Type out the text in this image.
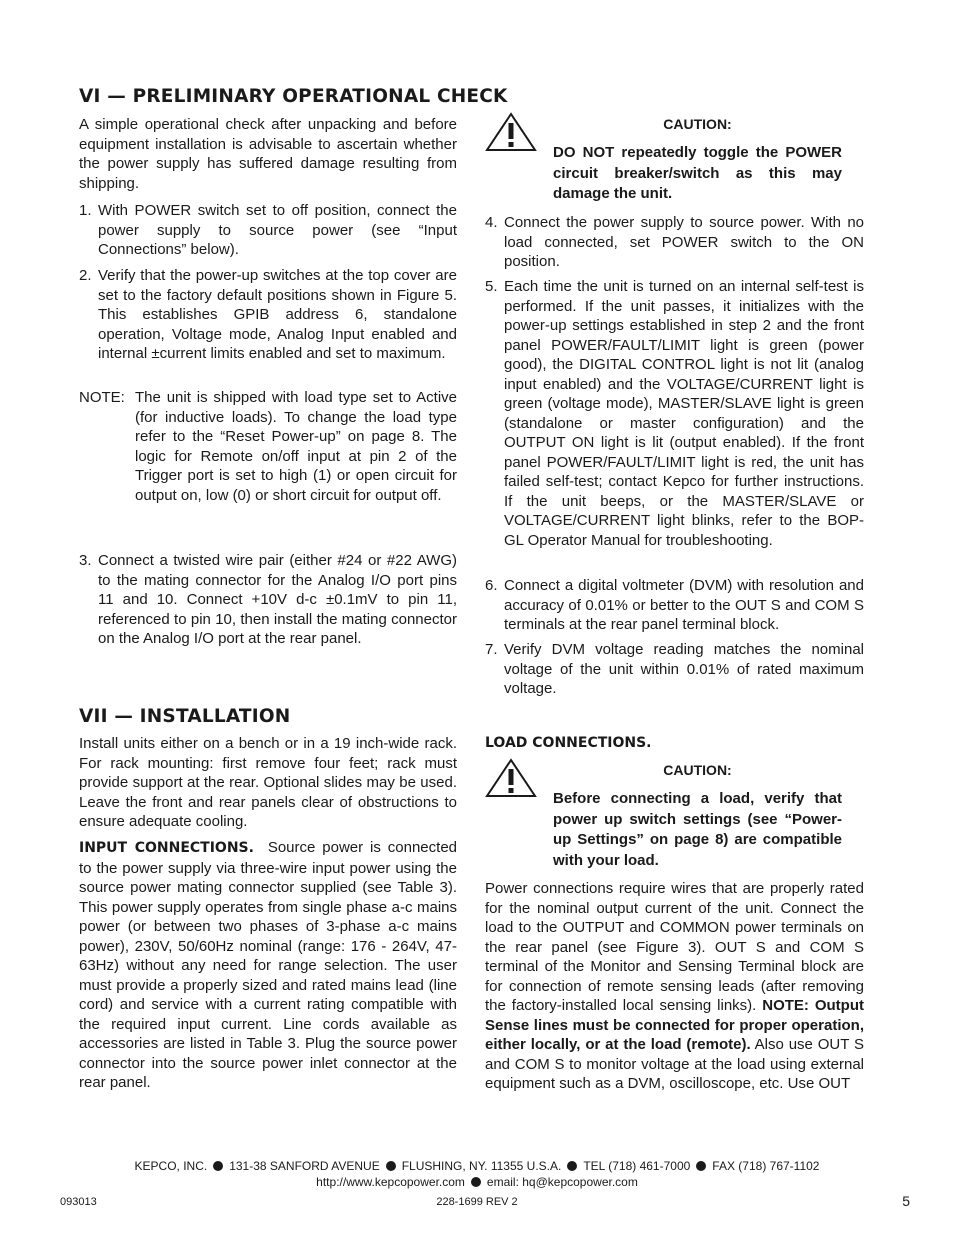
VI — PRELIMINARY OPERATIONAL CHECK

A simple operational check after unpacking and before equipment installation is advisable to ascertain whether the power supply has suffered damage resulting from shipping.

1. With POWER switch set to off position, connect the power supply to source power (see “Input Connections” below).
2. Verify that the power-up switches at the top cover are set to the factory default positions shown in Figure 5. This establishes GPIB address 6, standalone operation, Voltage mode, Analog Input enabled and internal ±current limits enabled and set to maximum.
NOTE: The unit is shipped with load type set to Active (for inductive loads). To change the load type refer to the “Reset Power-up” on page 8. The logic for Remote on/off input at pin 2 of the Trigger port is set to high (1) or open circuit for output on, low (0) or short circuit for output off.
3. Connect a twisted wire pair (either #24 or #22 AWG) to the mating connector for the Analog I/O port pins 11 and 10. Connect +10V d-c ±0.1mV to pin 11, referenced to pin 10, then install the mating connector on the Analog I/O port at the rear panel.
VII — INSTALLATION

Install units either on a bench or in a 19 inch-wide rack. For rack mounting: first remove four feet; rack must provide support at the rear. Optional slides may be used. Leave the front and rear panels clear of obstructions to ensure adequate cooling.

INPUT CONNECTIONS. Source power is connected to the power supply via three-wire input power using the source power mating connector supplied (see Table 3). This power supply operates from single phase a-c mains power (or between two phases of 3-phase a-c mains power), 230V, 50/60Hz nominal (range: 176 - 264V, 47-63Hz) without any need for range selection. The user must provide a properly sized and rated mains lead (line cord) and service with a current rating compatible with the required input current. Line cords available as accessories are listed in Table 3. Plug the source power connector into the source power inlet connector at the rear panel.

CAUTION:
DO NOT repeatedly toggle the POWER circuit breaker/switch as this may damage the unit.
4. Connect the power supply to source power. With no load connected, set POWER switch to the ON position.
5. Each time the unit is turned on an internal self-test is performed. If the unit passes, it initializes with the power-up settings established in step 2 and the front panel POWER/FAULT/LIMIT light is green (power good), the DIGITAL CONTROL light is not lit (analog input enabled) and the VOLTAGE/CURRENT light is green (voltage mode), MASTER/SLAVE light is green (standalone or master configuration) and the OUTPUT ON light is lit (output enabled). If the front panel POWER/FAULT/LIMIT light is red, the unit has failed self-test; contact Kepco for further instructions. If the unit beeps, or the MASTER/SLAVE or VOLTAGE/CURRENT light blinks, refer to the BOP-GL Operator Manual for troubleshooting.
6. Connect a digital voltmeter (DVM) with resolution and accuracy of 0.01% or better to the OUT S and COM S terminals at the rear panel terminal block.
7. Verify DVM voltage reading matches the nominal voltage of the unit within 0.01% of rated maximum voltage.
LOAD CONNECTIONS.
CAUTION:
Before connecting a load, verify that power up switch settings (see “Power-up Settings” on page 8) are compatible with your load.

Power connections require wires that are properly rated for the nominal output current of the unit. Connect the load to the OUTPUT and COMMON power terminals on the rear panel (see Figure 3). OUT S and COM S terminal of the Monitor and Sensing Terminal block are for connection of remote sensing leads (after removing the factory-installed local sensing links). NOTE: Output Sense lines must be connected for proper operation, either locally, or at the load (remote). Also use OUT S and COM S to monitor voltage at the load using external equipment such as a DVM, oscilloscope, etc. Use OUT

KEPCO, INC. 131-38 SANFORD AVENUE FLUSHING, NY. 11355 U.S.A. TEL (718) 461-7000 FAX (718) 767-1102
http://www.kepcopower.com email: hq@kepcopower.com
093013	228-1699 REV 2	5
